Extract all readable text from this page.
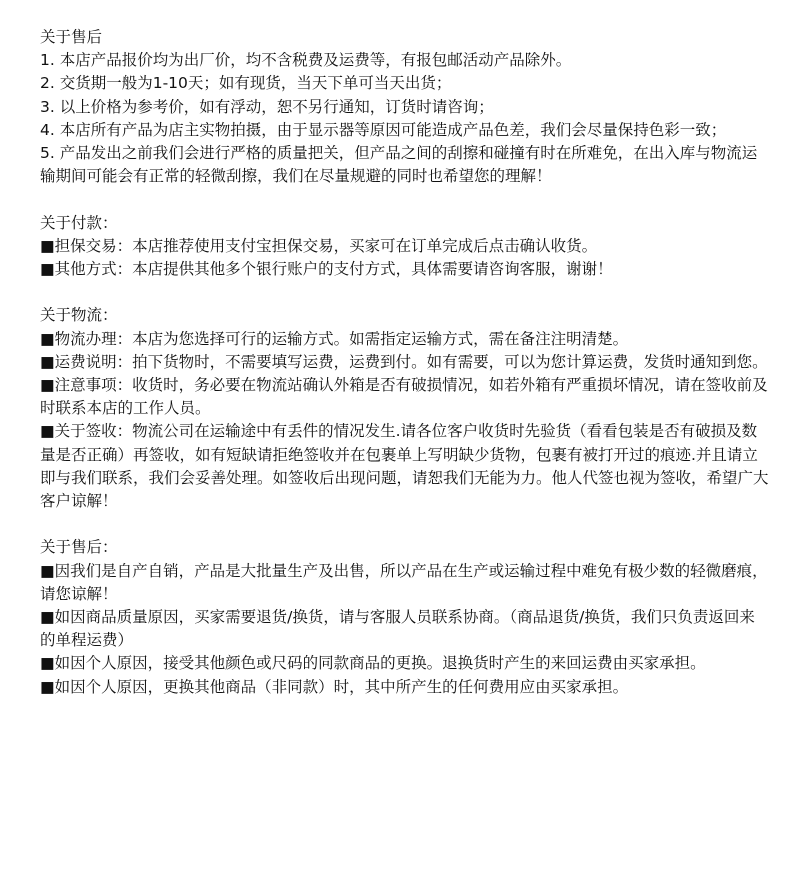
关于售后

1. 本店产品报价均为出厂价，均不含税费及运费等，有报包邮活动产品除外。

2. 交货期一般为1-10天；如有现货，当天下单可当天出货；

3. 以上价格为参考价，如有浮动，恕不另行通知，订货时请咨询；

4. 本店所有产品为店主实物拍摄，由于显示器等原因可能造成产品色差，我们会尽量保持色彩一致；

5. 产品发出之前我们会进行严格的质量把关，但产品之间的刮擦和碰撞有时在所难免，在出入库与物流运输期间可能会有正常的轻微刮擦，我们在尽量规避的同时也希望您的理解！

关于付款：

■担保交易：本店推荐使用支付宝担保交易，买家可在订单完成后点击确认收货。

■其他方式：本店提供其他多个银行账户的支付方式，具体需要请咨询客服，谢谢！

关于物流：

■物流办理：本店为您选择可行的运输方式。如需指定运输方式，需在备注注明清楚。

■运费说明：拍下货物时，不需要填写运费，运费到付。如有需要，可以为您计算运费，发货时通知到您。

■注意事项：收货时，务必要在物流站确认外箱是否有破损情况，如若外箱有严重损坏情况，请在签收前及时联系本店的工作人员。

■关于签收：物流公司在运输途中有丢件的情况发生.请各位客户收货时先验货（看看包装是否有破损及数量是否正确）再签收，如有短缺请拒绝签收并在包裹单上写明缺少货物，包裹有被打开过的痕迹.并且请立即与我们联系，我们会妥善处理。如签收后出现问题，请恕我们无能为力。他人代签也视为签收，希望广大客户谅解！

关于售后：

■因我们是自产自销，产品是大批量生产及出售，所以产品在生产或运输过程中难免有极少数的轻微磨痕，请您谅解！

■如因商品质量原因，买家需要退货/换货，请与客服人员联系协商。（商品退货/换货，我们只负责返回来的单程运费）

■如因个人原因，接受其他颜色或尺码的同款商品的更换。退换货时产生的来回运费由买家承担。

■如因个人原因，更换其他商品（非同款）时，其中所产生的任何费用应由买家承担。
